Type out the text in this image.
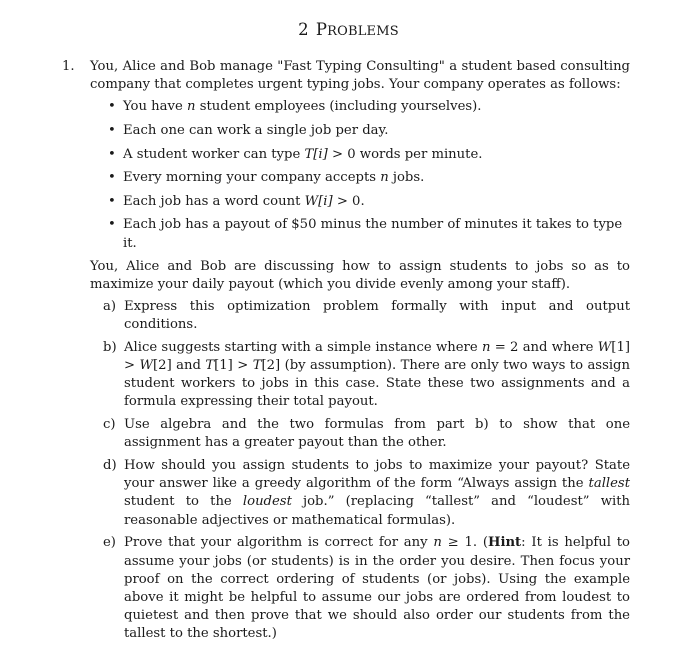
2 PROBLEMS
1. You, Alice and Bob manage "Fast Typing Consulting" a student based consulting company that completes urgent typing jobs. Your company operates as follows:

• You have n student employees (including yourselves).
• Each one can work a single job per day.
• A student worker can type T[i] > 0 words per minute.
• Every morning your company accepts n jobs.
• Each job has a word count W[i] > 0.
• Each job has a payout of $50 minus the number of minutes it takes to type it.

You, Alice and Bob are discussing how to assign students to jobs so as to maximize your daily payout (which you divide evenly among your staff).

a) Express this optimization problem formally with input and output conditions.
b) Alice suggests starting with a simple instance where n = 2 and where W[1] > W[2] and T[1] > T[2] (by assumption). There are only two ways to assign student workers to jobs in this case. State these two assignments and a formula expressing their total payout.
c) Use algebra and the two formulas from part b) to show that one assignment has a greater payout than the other.
d) How should you assign students to jobs to maximize your payout? State your answer like a greedy algorithm of the form “Always assign the tallest student to the loudest job.” (replacing “tallest” and “loudest” with reasonable adjectives or mathematical formulas).
e) Prove that your algorithm is correct for any n ≥ 1. (Hint: It is helpful to assume your jobs (or students) is in the order you desire. Then focus your proof on the correct ordering of students (or jobs). Using the example above it might be helpful to assume our jobs are ordered from loudest to quietest and then prove that we should also order our students from the tallest to the shortest.)
